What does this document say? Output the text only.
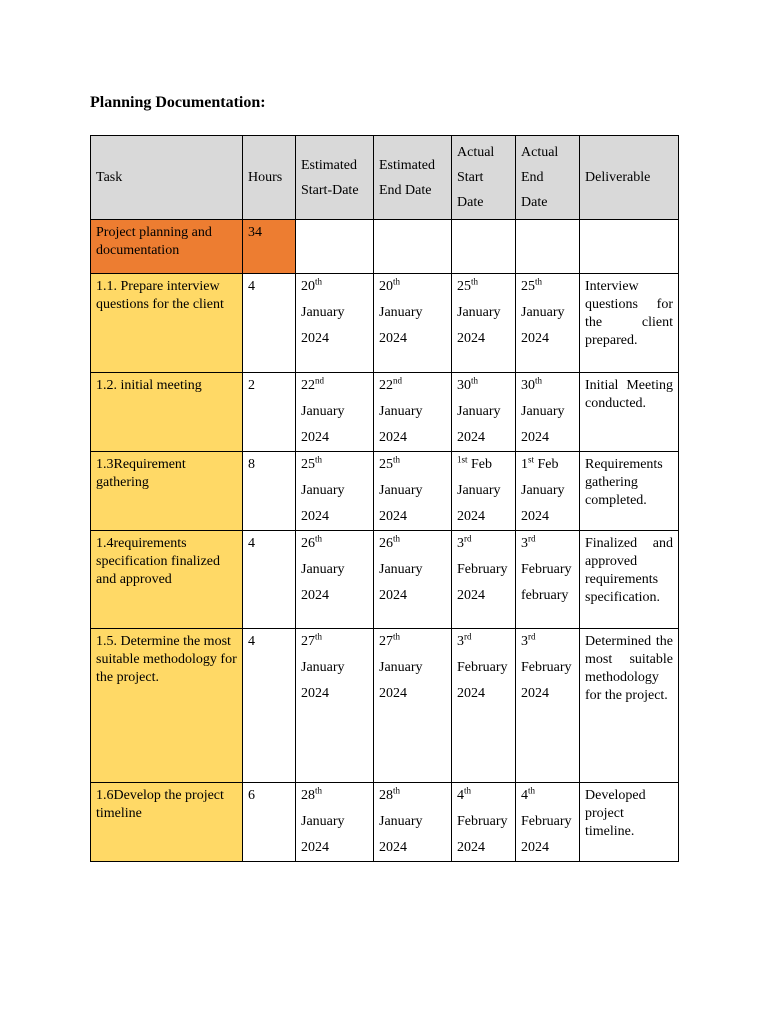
Planning Documentation:
Task	Hours	Estimated
Start-Date	Estimated
End Date	Actual
Start
Date	Actual
End
Date	Deliverable
Project planning and documentation	34					
1.1. Prepare interview questions for the client	4	20th
January
2024	20th
January
2024	25th
January
2024	25th
January
2024	Interview questions for the client prepared.
1.2. initial meeting	2	22nd
January
2024	22nd
January
2024	30th
January
2024	30th
January
2024	Initial Meeting conducted.
1.3Requirement gathering	8	25th
January
2024	25th
January
2024	$^{1st}$ Feb
January
2024	1st Feb
January
2024	Requirements gathering completed.
1.4requirements specification finalized and approved	4	26th
January
2024	26th
January
2024	3rd
February
2024	3rd
February
february	Finalized and approved requirements specification.
1.5. Determine the most suitable methodology for the project.	4	27th
January
2024	27th
January
2024	3rd
February
2024	3rd
February
2024	Determined the most suitable methodology for the project.
1.6Develop the project timeline	6	28th
January
2024	28th
January
2024	4th
February
2024	4th
February
2024	Developed project timeline.
